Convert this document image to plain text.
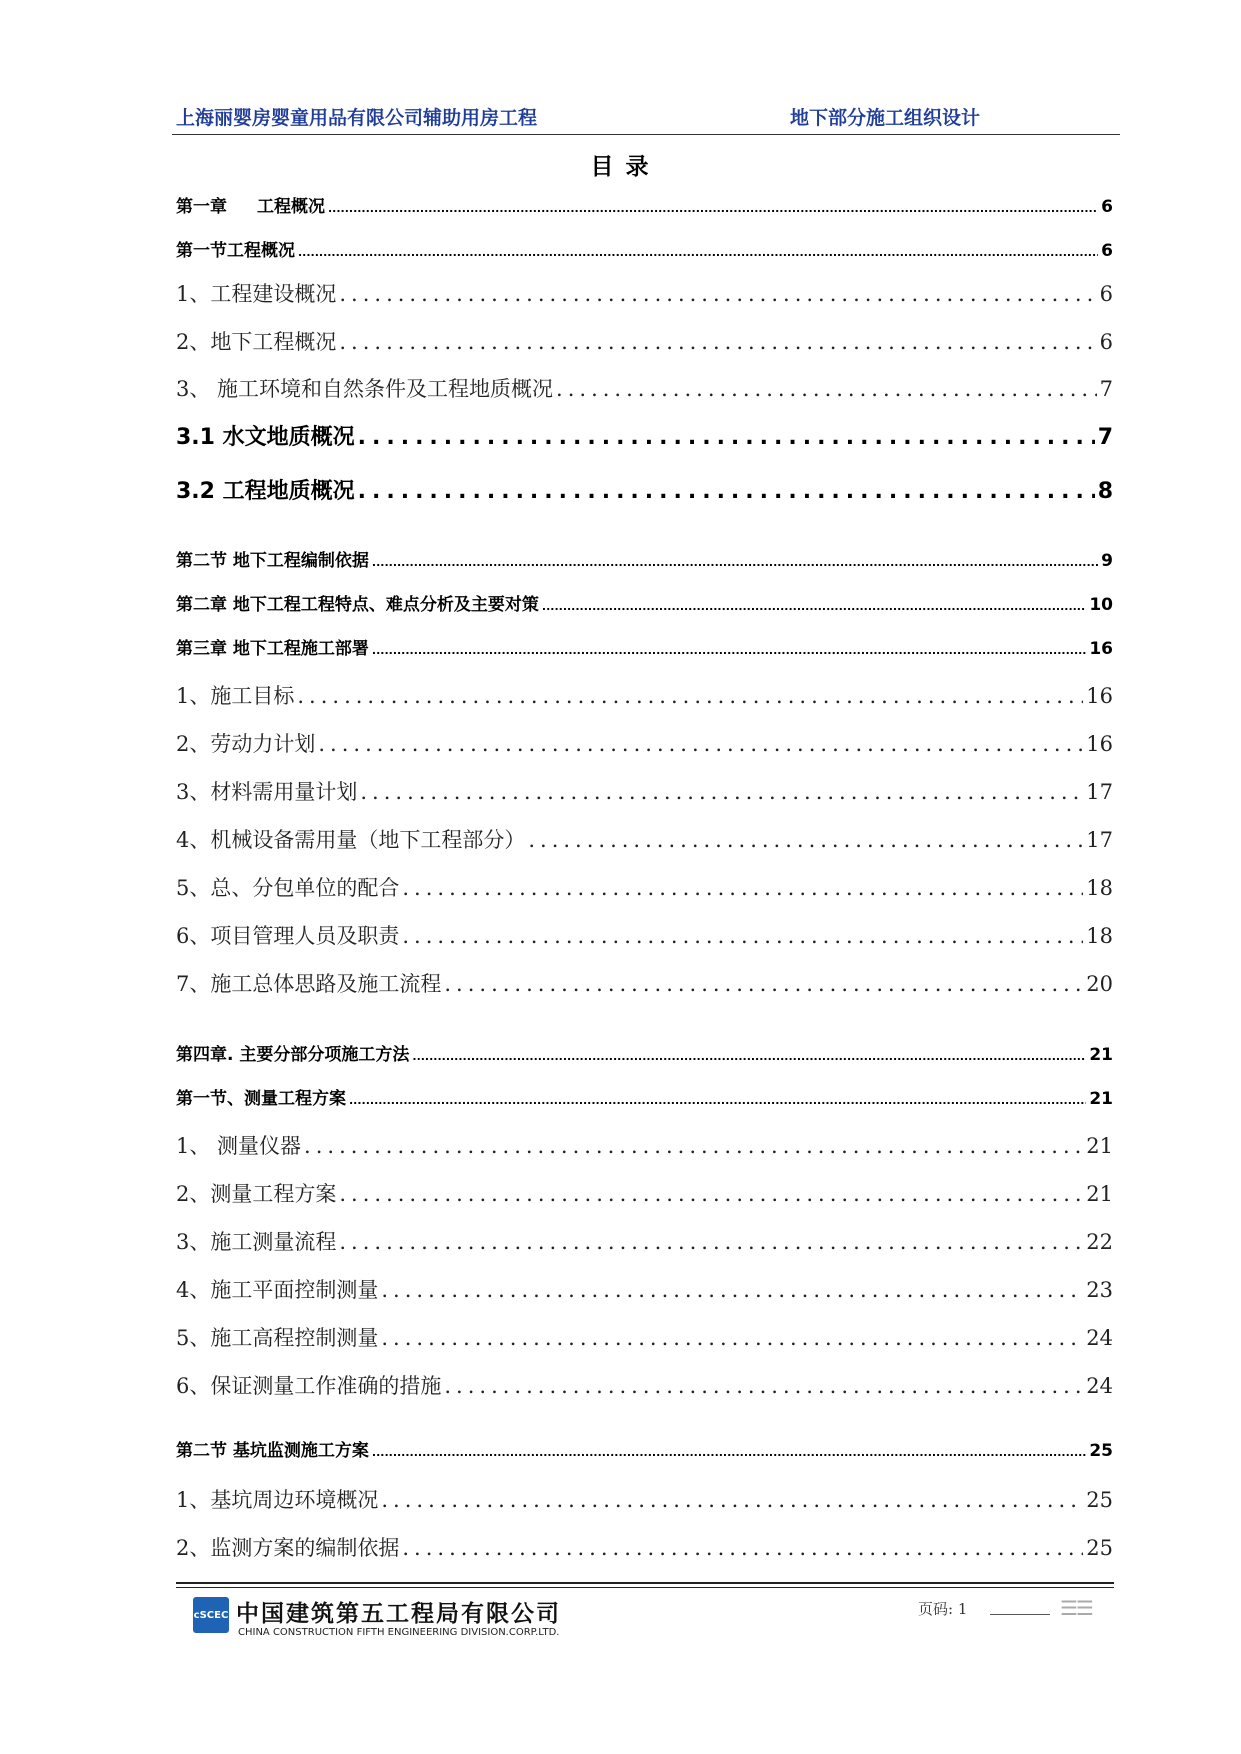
上海丽婴房婴童用品有限公司辅助用房工程	地下部分施工组织设计
目 录
第一章 工程概况 .....	6
第一节工程概况 .....	6
1、工程建设概况 .....	6
2、地下工程概况 .....	6
3、 施工环境和自然条件及工程地质概况 .....	7
3.1 水文地质概况 .....	7
3.2 工程地质概况 .....	8
第二节 地下工程编制依据 .....	9
第二章 地下工程工程特点、难点分析及主要对策 .....	10
第三章 地下工程施工部署 .....	16
1、施工目标 .....	16
2、劳动力计划 .....	16
3、材料需用量计划 .....	17
4、机械设备需用量（地下工程部分） .....	17
5、总、分包单位的配合 .....	18
6、项目管理人员及职责 .....	18
7、施工总体思路及施工流程 .....	20
第四章. 主要分部分项施工方法 .....	21
第一节、测量工程方案 .....	21
1、 测量仪器 .....	21
2、测量工程方案 .....	21
3、施工测量流程 .....	22
4、施工平面控制测量 .....	23
5、施工高程控制测量 .....	24
6、保证测量工作准确的措施 .....	24
第二节 基坑监测施工方案 .....	25
1、基坑周边环境概况 .....	25
2、监测方案的编制依据 .....	25
cSCEC 中国建筑第五工程局有限公司
CHINA CONSTRUCTION FIFTH ENGINEERING DIVISION.CORP.LTD.
页码: 1	☰☰
